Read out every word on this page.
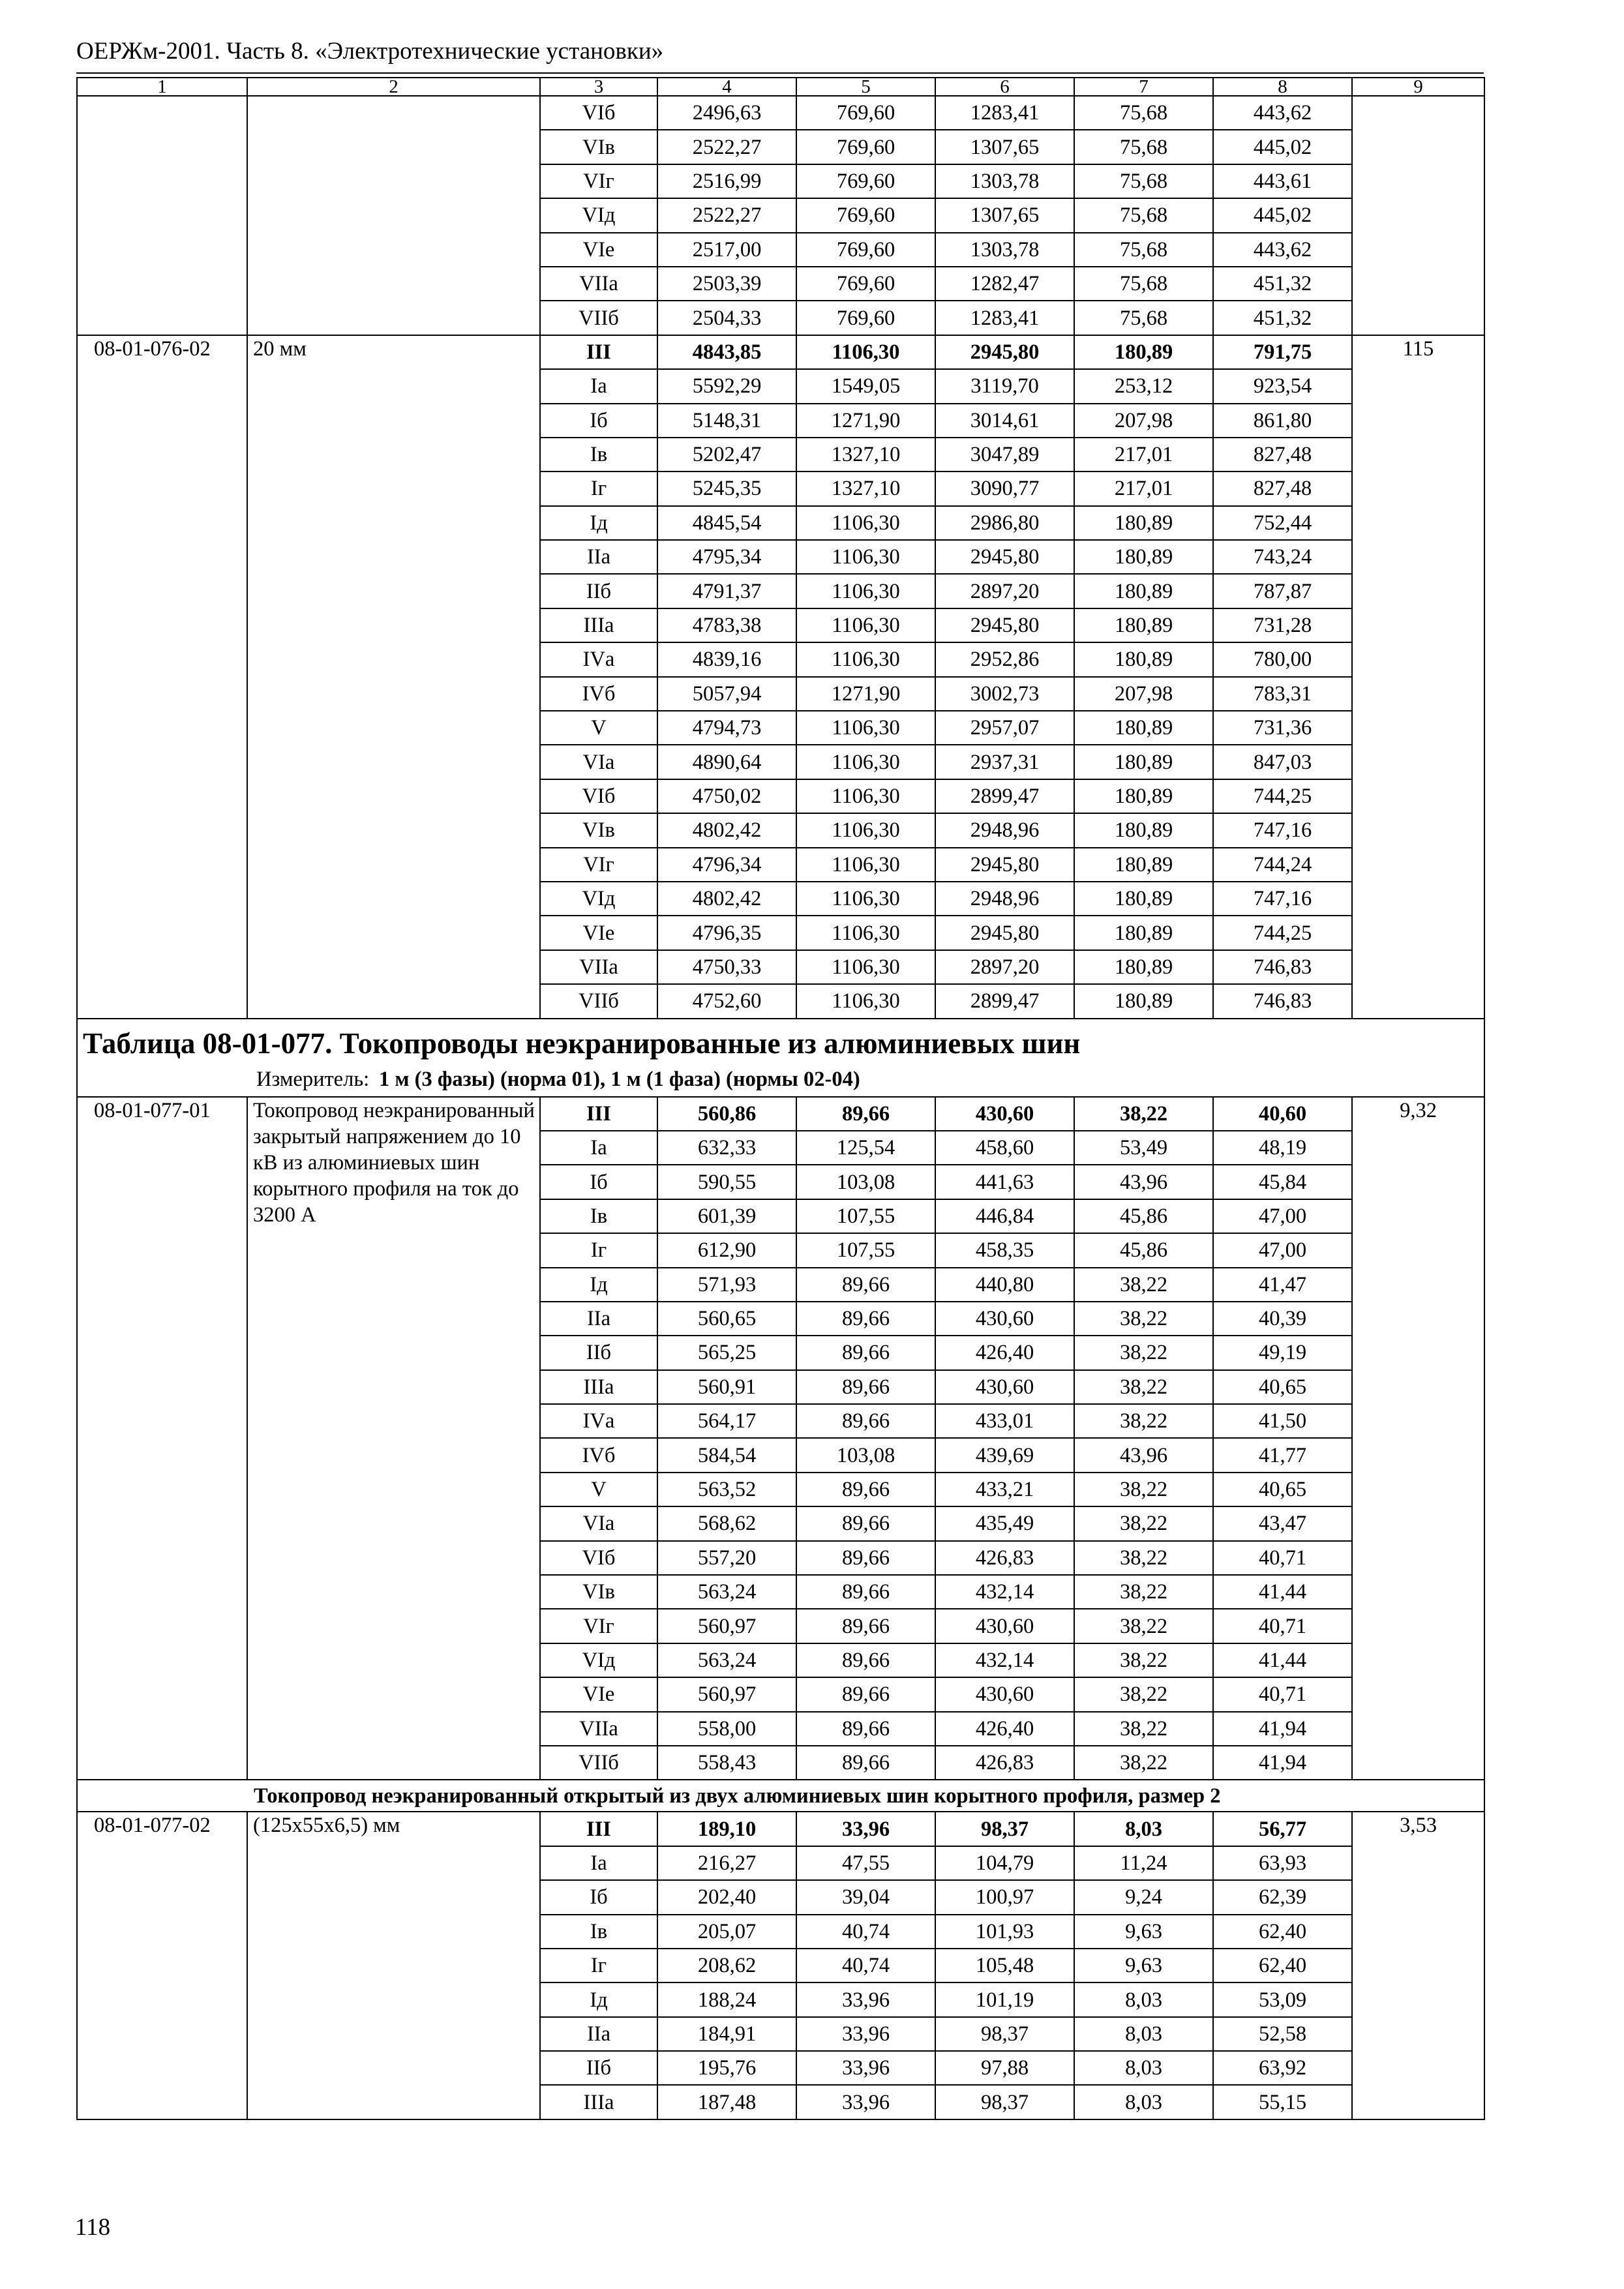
ОЕРЖм-2001. Часть 8. «Электротехнические установки»
1	2	3	4	5	6	7	8	9
		VIб	2496,63	769,60	1283,41	75,68	443,62	
		VIв	2522,27	769,60	1307,65	75,68	445,02	
		VIг	2516,99	769,60	1303,78	75,68	443,61	
		VIд	2522,27	769,60	1307,65	75,68	445,02	
		VIе	2517,00	769,60	1303,78	75,68	443,62	
		VIIа	2503,39	769,60	1282,47	75,68	451,32	
		VIIб	2504,33	769,60	1283,41	75,68	451,32	
08-01-076-02	20 мм	III	4843,85	1106,30	2945,80	180,89	791,75	115
		Iа	5592,29	1549,05	3119,70	253,12	923,54	
		Iб	5148,31	1271,90	3014,61	207,98	861,80	
		Iв	5202,47	1327,10	3047,89	217,01	827,48	
		Iг	5245,35	1327,10	3090,77	217,01	827,48	
		Iд	4845,54	1106,30	2986,80	180,89	752,44	
		IIа	4795,34	1106,30	2945,80	180,89	743,24	
		IIб	4791,37	1106,30	2897,20	180,89	787,87	
		IIIа	4783,38	1106,30	2945,80	180,89	731,28	
		IVа	4839,16	1106,30	2952,86	180,89	780,00	
		IVб	5057,94	1271,90	3002,73	207,98	783,31	
		V	4794,73	1106,30	2957,07	180,89	731,36	
		VIа	4890,64	1106,30	2937,31	180,89	847,03	
		VIб	4750,02	1106,30	2899,47	180,89	744,25	
		VIв	4802,42	1106,30	2948,96	180,89	747,16	
		VIг	4796,34	1106,30	2945,80	180,89	744,24	
		VIд	4802,42	1106,30	2948,96	180,89	747,16	
		VIе	4796,35	1106,30	2945,80	180,89	744,25	
		VIIа	4750,33	1106,30	2897,20	180,89	746,83	
		VIIб	4752,60	1106,30	2899,47	180,89	746,83	
Таблица 08-01-077. Токопроводы неэкранированные из алюминиевых шин								
Измеритель: 1 м (3 фазы) (норма 01), 1 м (1 фаза) (нормы 02-04)								
08-01-077-01	Токопровод неэкранированный закрытый напряжением до 10 кВ из алюминиевых шин корытного профиля на ток до 3200 А	III	560,86	89,66	430,60	38,22	40,60	9,32
		Iа	632,33	125,54	458,60	53,49	48,19	
		Iб	590,55	103,08	441,63	43,96	45,84	
		Iв	601,39	107,55	446,84	45,86	47,00	
		Iг	612,90	107,55	458,35	45,86	47,00	
		Iд	571,93	89,66	440,80	38,22	41,47	
		IIа	560,65	89,66	430,60	38,22	40,39	
		IIб	565,25	89,66	426,40	38,22	49,19	
		IIIа	560,91	89,66	430,60	38,22	40,65	
		IVа	564,17	89,66	433,01	38,22	41,50	
		IVб	584,54	103,08	439,69	43,96	41,77	
		V	563,52	89,66	433,21	38,22	40,65	
		VIа	568,62	89,66	435,49	38,22	43,47	
		VIб	557,20	89,66	426,83	38,22	40,71	
		VIв	563,24	89,66	432,14	38,22	41,44	
		VIг	560,97	89,66	430,60	38,22	40,71	
		VIд	563,24	89,66	432,14	38,22	41,44	
		VIе	560,97	89,66	430,60	38,22	40,71	
		VIIа	558,00	89,66	426,40	38,22	41,94	
		VIIб	558,43	89,66	426,83	38,22	41,94	
Токопровод неэкранированный открытый из двух алюминиевых шин корытного профиля, размер 2								
08-01-077-02	(125х55х6,5) мм	III	189,10	33,96	98,37	8,03	56,77	3,53
		Iа	216,27	47,55	104,79	11,24	63,93	
		Iб	202,40	39,04	100,97	9,24	62,39	
		Iв	205,07	40,74	101,93	9,63	62,40	
		Iг	208,62	40,74	105,48	9,63	62,40	
		Iд	188,24	33,96	101,19	8,03	53,09	
		IIа	184,91	33,96	98,37	8,03	52,58	
		IIб	195,76	33,96	97,88	8,03	63,92	
		IIIа	187,48	33,96	98,37	8,03	55,15	
118
